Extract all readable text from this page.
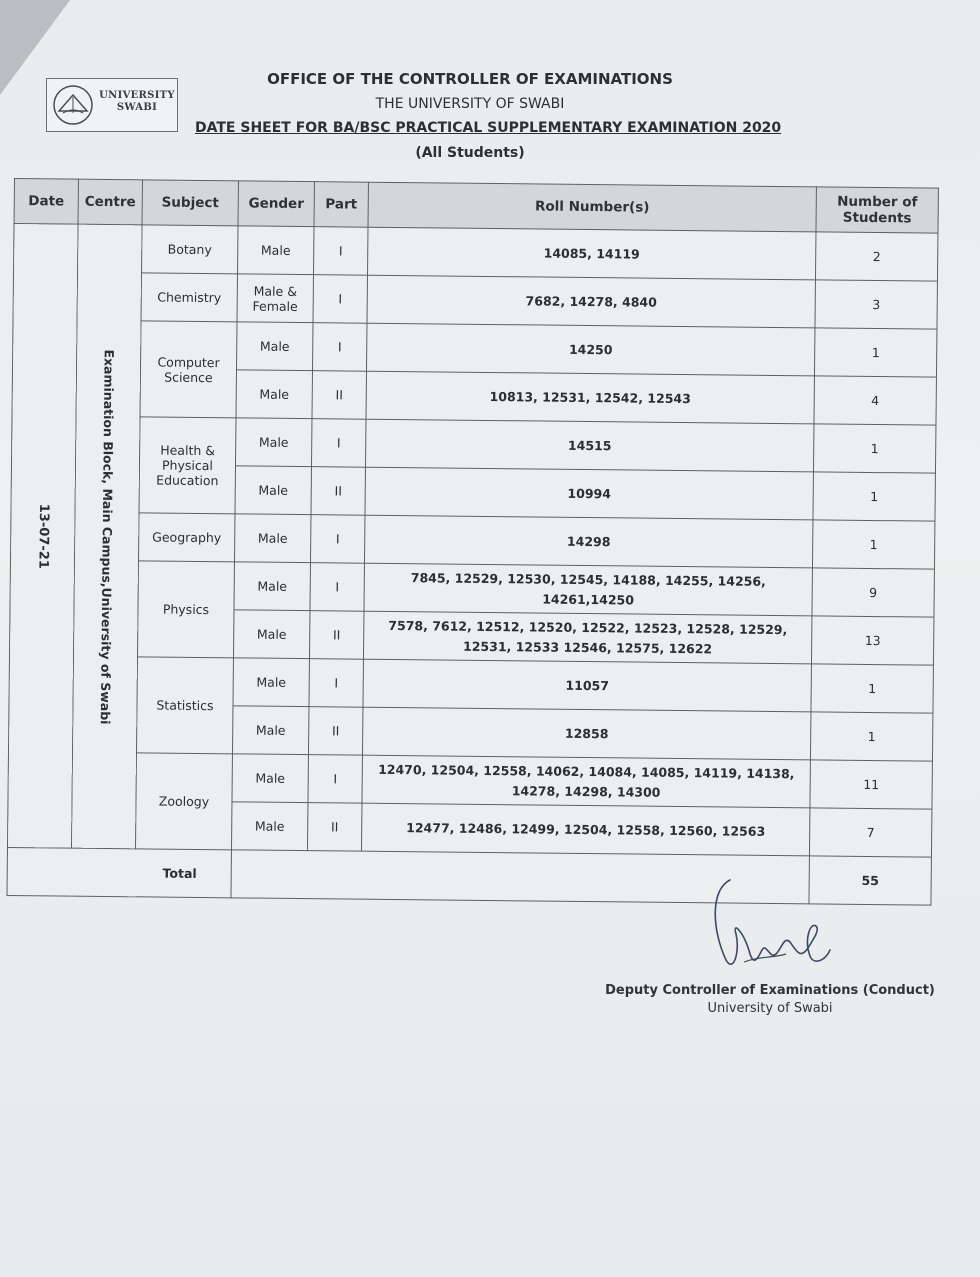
UNIVERSITY
SWABI
OFFICE OF THE CONTROLLER OF EXAMINATIONS
THE UNIVERSITY OF SWABI
DATE SHEET FOR BA/BSC PRACTICAL SUPPLEMENTARY EXAMINATION 2020
(All Students)
Date	Centre	Subject	Gender	Part	Roll Number(s)	Number of Students

13-07-21	Examination Block, Main Campus,University of Swabi	Botany	Male	I	14085, 14119	2
		Chemistry	Male & Female	I	7682, 14278, 4840	3
		Computer Science	Male	I	14250	1
			Male	II	10813, 12531, 12542, 12543	4
		Health & Physical Education	Male	I	14515	1
			Male	II	10994	1
		Geography	Male	I	14298	1
		Physics	Male	I	7845, 12529, 12530, 12545, 14188, 14255, 14256, 14261,14250	9
			Male	II	7578, 7612, 12512, 12520, 12522, 12523, 12528, 12529, 12531, 12533 12546, 12575, 12622	13
		Statistics	Male	I	11057	1
			Male	II	12858	1
		Zoology	Male	I	12470, 12504, 12558, 14062, 14084, 14085, 14119, 14138, 14278, 14298, 14300	11
			Male	II	12477, 12486, 12499, 12504, 12558, 12560, 12563	7
Total						55
Deputy Controller of Examinations (Conduct)
University of Swabi
